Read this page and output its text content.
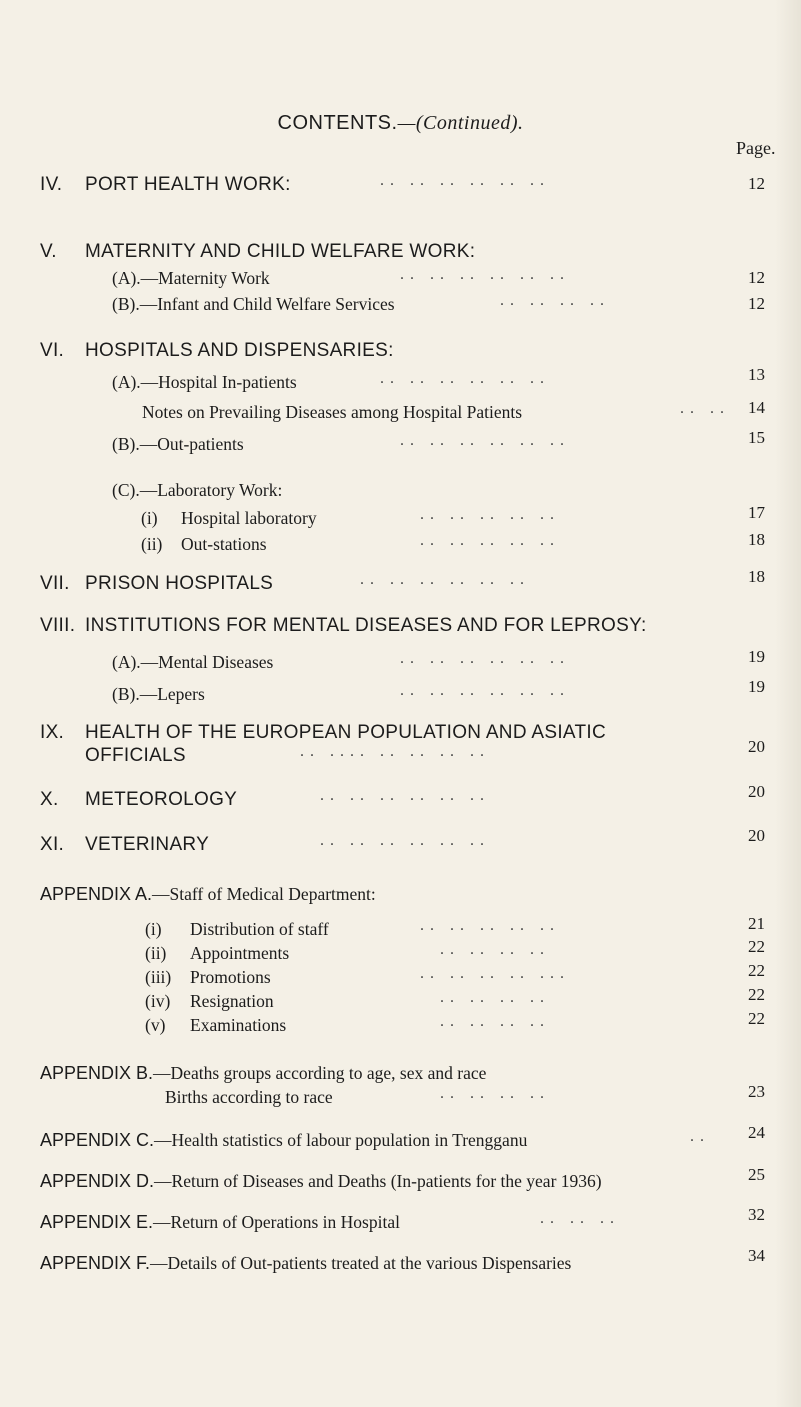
CONTENTS.—(Continued).
Page.
IV. PORT HEALTH WORK:	.. .. .. .. .. ..	12
V. MATERNITY AND CHILD WELFARE WORK:
(A).—Maternity Work	.. .. .. .. .. ..	12
(B).—Infant and Child Welfare Services	.. .. .. ..	12
VI. HOSPITALS AND DISPENSARIES:
(A).—Hospital In-patients	.. .. .. .. .. ..	13
Notes on Prevailing Diseases among Hospital Patients	.. .. 14
(B).—Out-patients	.. .. .. .. .. ..	15
(C).—Laboratory Work:
(i) Hospital laboratory	.. .. .. .. ..	17
(ii) Out-stations	.. .. .. .. ..	18
VII. PRISON HOSPITALS	.. .. .. .. .. ..	18
VIII. INSTITUTIONS FOR MENTAL DISEASES AND FOR LEPROSY:
(A).—Mental Diseases	.. .. .. .. .. ..	19
(B).—Lepers	.. .. .. .. .. ..	19
IX. HEALTH OF THE EUROPEAN POPULATION AND ASIATIC
OFFICIALS	.. .... .. .. .. ..	20
X. METEOROLOGY	.. .. .. .. .. ..	20
XI. VETERINARY	.. .. .. .. .. ..	20
APPENDIX A.—Staff of Medical Department:
(i) Distribution of staff	.. .. .. .. ..	21
(ii) Appointments	.. .. .. ..	22
(iii) Promotions	.. .. .. .. ...	22
(iv) Resignation	.. .. .. ..	22
(v) Examinations	.. .. .. ..	22
APPENDIX B.—Deaths groups according to age, sex and race
Births according to race	.. .. .. ..	23
APPENDIX C.—Health statistics of labour population in Trengganu	.. 24
APPENDIX D.—Return of Diseases and Deaths (In-patients for the year 1936)	25
APPENDIX E.—Return of Operations in Hospital	.. .. ..	32
APPENDIX F.—Details of Out-patients treated at the various Dispensaries	34
